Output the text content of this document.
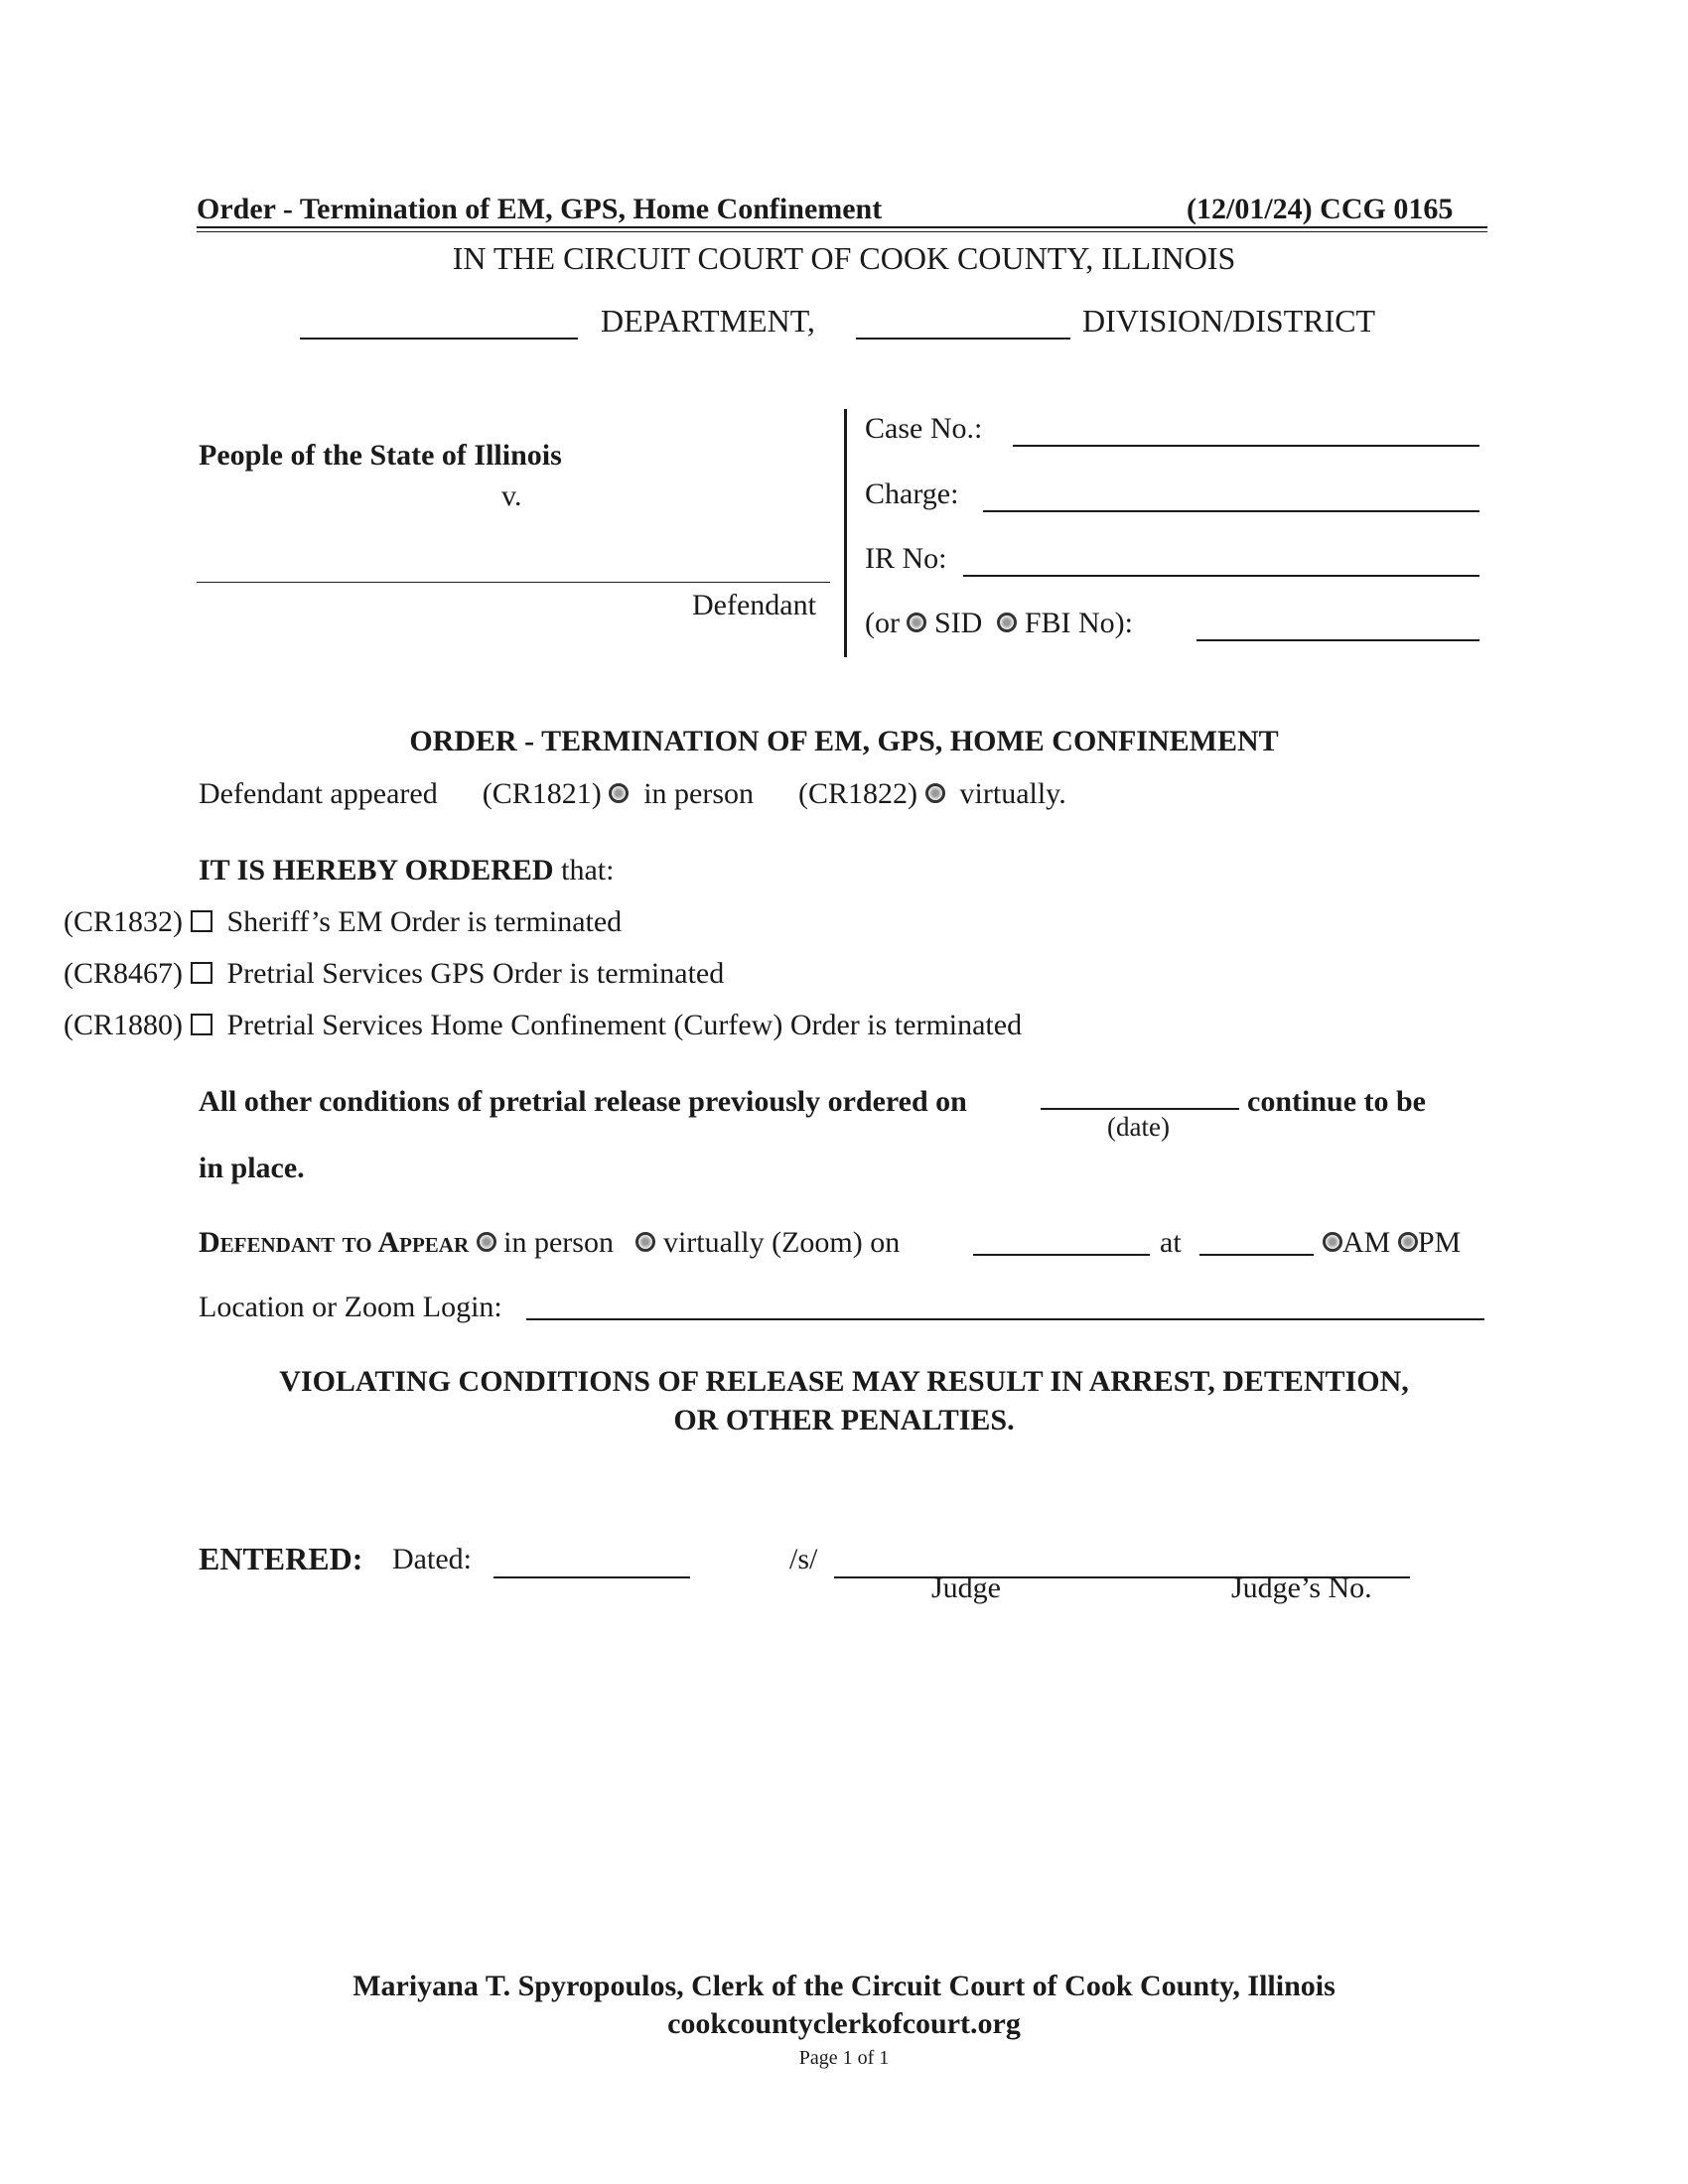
Order - Termination of EM, GPS, Home Confinement	(12/01/24) CCG 0165
IN THE CIRCUIT COURT OF COOK COUNTY, ILLINOIS
DEPARTMENT,	DIVISION/DISTRICT
People of the State of Illinois
v.
Defendant
Case No.:
Charge:
IR No:
(or SID FBI No):
ORDER - TERMINATION OF EM, GPS, HOME CONFINEMENT
Defendant appeared (CR1821) in person (CR1822) virtually.
IT IS HEREBY ORDERED that:
(CR1832) Sheriff’s EM Order is terminated
(CR8467) Pretrial Services GPS Order is terminated
(CR1880) Pretrial Services Home Confinement (Curfew) Order is terminated
All other conditions of pretrial release previously ordered on
(date)
continue to be
in place.
Defendant to Appear in person virtually (Zoom) on	at	AM PM
Location or Zoom Login:
VIOLATING CONDITIONS OF RELEASE MAY RESULT IN ARREST, DETENTION,
OR OTHER PENALTIES.
ENTERED: Dated:	/s/
Judge	Judge’s No.
Mariyana T. Spyropoulos, Clerk of the Circuit Court of Cook County, Illinois
cookcountyclerkofcourt.org
Page 1 of 1
